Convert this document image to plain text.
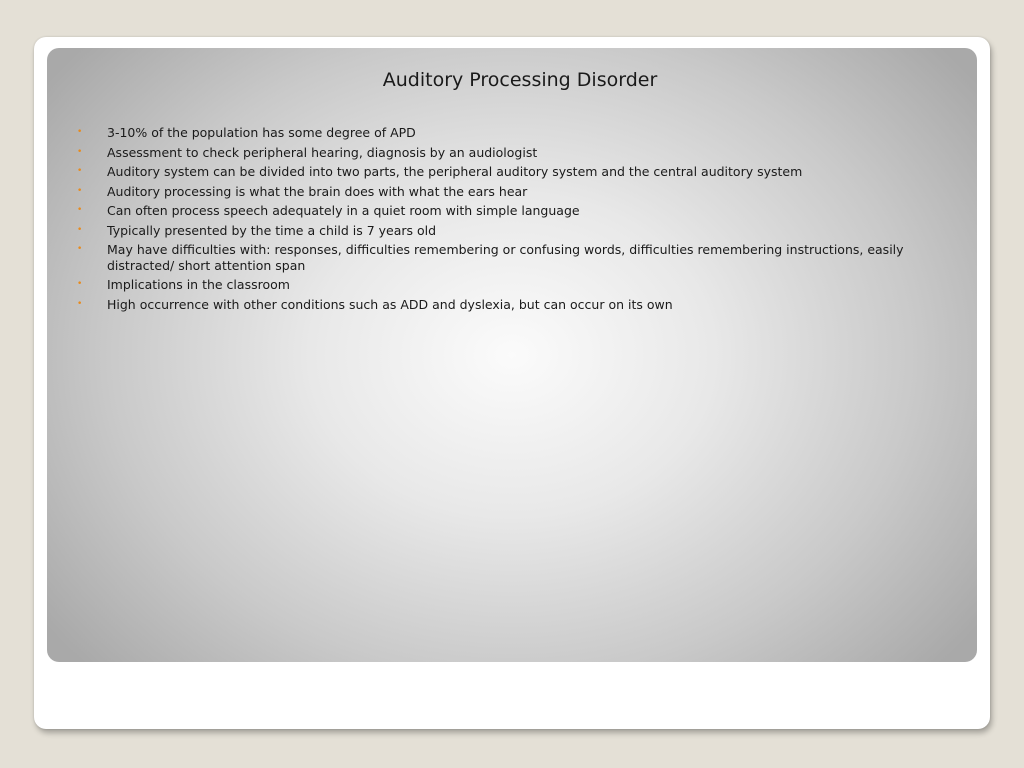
Auditory Processing Disorder
• 3-10% of the population has some degree of APD
• Assessment to check peripheral hearing, diagnosis by an audiologist
• Auditory system can be divided into two parts, the peripheral auditory system and the central auditory system
• Auditory processing is what the brain does with what the ears hear
• Can often process speech adequately in a quiet room with simple language
• Typically presented by the time a child is 7 years old
• May have difficulties with: responses, difficulties remembering or confusing words, difficulties remembering instructions, easily distracted/ short attention span
• Implications in the classroom
• High occurrence with other conditions such as ADD and dyslexia, but can occur on its own
